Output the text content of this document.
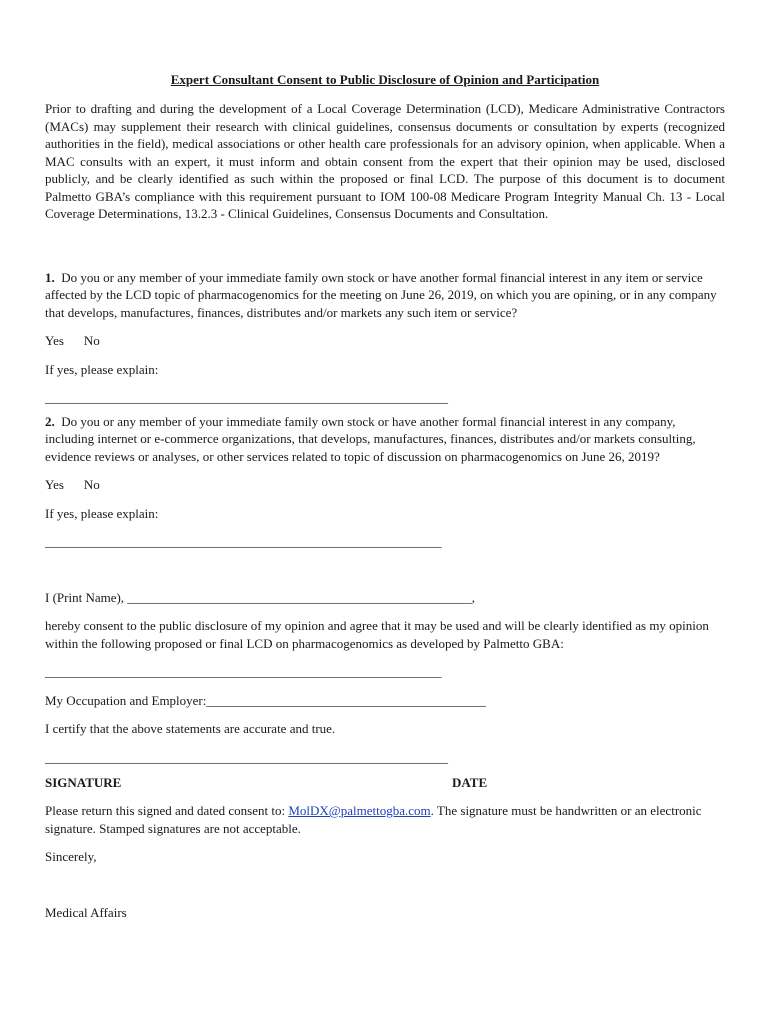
Expert Consultant Consent to Public Disclosure of Opinion and Participation

Prior to drafting and during the development of a Local Coverage Determination (LCD), Medicare Administrative Contractors (MACs) may supplement their research with clinical guidelines, consensus documents or consultation by experts (recognized authorities in the field), medical associations or other health care professionals for an advisory opinion, when applicable. When a MAC consults with an expert, it must inform and obtain consent from the expert that their opinion may be used, disclosed publicly, and be clearly identified as such within the proposed or final LCD. The purpose of this document is to document Palmetto GBA’s compliance with this requirement pursuant to IOM 100-08 Medicare Program Integrity Manual Ch. 13 - Local Coverage Determinations, 13.2.3 - Clinical Guidelines, Consensus Documents and Consultation.

1. Do you or any member of your immediate family own stock or have another formal financial interest in any item or service affected by the LCD topic of pharmacogenomics for the meeting on June 26, 2019, on which you are opining, or in any company that develops, manufactures, finances, distributes and/or markets any such item or service?

Yes No

If yes, please explain:

______________________________________________________________

2. Do you or any member of your immediate family own stock or have another formal financial interest in any company, including internet or e-commerce organizations, that develops, manufactures, finances, distributes and/or markets consulting, evidence reviews or analyses, or other services related to topic of discussion on pharmacogenomics on June 26, 2019?

Yes No

If yes, please explain:

_____________________________________________________________

I (Print Name), _____________________________________________________,

hereby consent to the public disclosure of my opinion and agree that it may be used and will be clearly identified as my opinion within the following proposed or final LCD on pharmacogenomics as developed by Palmetto GBA:

_____________________________________________________________

My Occupation and Employer:___________________________________________

I certify that the above statements are accurate and true.

______________________________________________________________

SIGNATURE	DATE

Please return this signed and dated consent to: MolDX@palmettogba.com. The signature must be handwritten or an electronic signature. Stamped signatures are not acceptable.

Sincerely,

Medical Affairs
